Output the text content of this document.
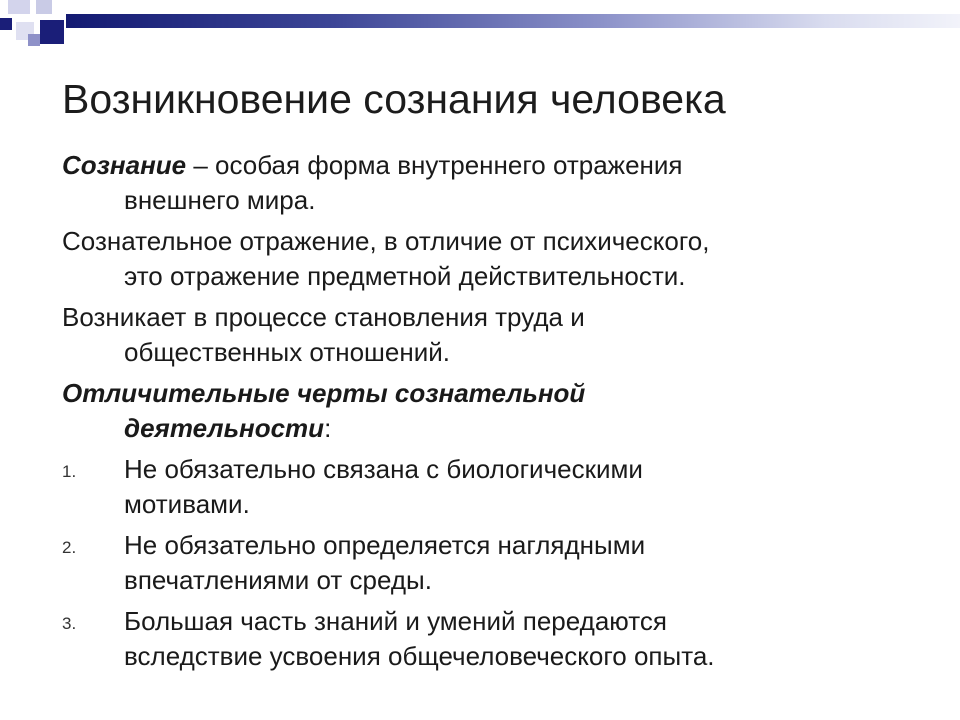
Возникновение сознания человека
Сознание – особая форма внутреннего отражения
внешнего мира.
Сознательное отражение, в отличие от психического,
это отражение предметной действительности.
Возникает в процессе становления труда и
общественных отношений.
Отличительные черты сознательной
деятельности:
1. Не обязательно связана с биологическими
мотивами.
2. Не обязательно определяется наглядными
впечатлениями от среды.
3. Большая часть знаний и умений передаются
вследствие усвоения общечеловеческого опыта.
